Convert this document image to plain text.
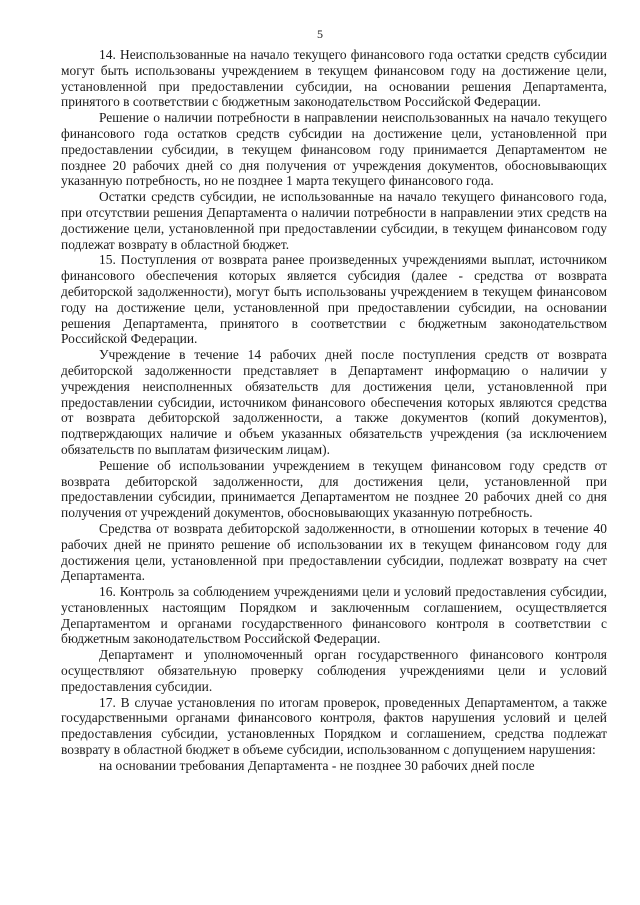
5

14. Неиспользованные на начало текущего финансового года остатки средств субсидии могут быть использованы учреждением в текущем финансовом году на достижение цели, установленной при предоставлении субсидии, на основании решения Департамента, принятого в соответствии с бюджетным законодательством Российской Федерации.

Решение о наличии потребности в направлении неиспользованных на начало текущего финансового года остатков средств субсидии на достижение цели, установленной при предоставлении субсидии, в текущем финансовом году принимается Департаментом не позднее 20 рабочих дней со дня получения от учреждения документов, обосновывающих указанную потребность, но не позднее 1 марта текущего финансового года.

Остатки средств субсидии, не использованные на начало текущего финансового года, при отсутствии решения Департамента о наличии потребности в направлении этих средств на достижение цели, установленной при предоставлении субсидии, в текущем финансовом году подлежат возврату в областной бюджет.

15. Поступления от возврата ранее произведенных учреждениями выплат, источником финансового обеспечения которых является субсидия (далее - средства от возврата дебиторской задолженности), могут быть использованы учреждением в текущем финансовом году на достижение цели, установленной при предоставлении субсидии, на основании решения Департамента, принятого в соответствии с бюджетным законодательством Российской Федерации.

Учреждение в течение 14 рабочих дней после поступления средств от возврата дебиторской задолженности представляет в Департамент информацию о наличии у учреждения неисполненных обязательств для достижения цели, установленной при предоставлении субсидии, источником финансового обеспечения которых являются средства от возврата дебиторской задолженности, а также документов (копий документов), подтверждающих наличие и объем указанных обязательств учреждения (за исключением обязательств по выплатам физическим лицам).

Решение об использовании учреждением в текущем финансовом году средств от возврата дебиторской задолженности, для достижения цели, установленной при предоставлении субсидии, принимается Департаментом не позднее 20 рабочих дней со дня получения от учреждений документов, обосновывающих указанную потребность.

Средства от возврата дебиторской задолженности, в отношении которых в течение 40 рабочих дней не принято решение об использовании их в текущем финансовом году для достижения цели, установленной при предоставлении субсидии, подлежат возврату на счет Департамента.

16. Контроль за соблюдением учреждениями цели и условий предоставления субсидии, установленных настоящим Порядком и заключенным соглашением, осуществляется Департаментом и органами государственного финансового контроля в соответствии с бюджетным законодательством Российской Федерации.

Департамент и уполномоченный орган государственного финансового контроля осуществляют обязательную проверку соблюдения учреждениями цели и условий предоставления субсидии.

17. В случае установления по итогам проверок, проведенных Департаментом, а также государственными органами финансового контроля, фактов нарушения условий и целей предоставления субсидии, установленных Порядком и соглашением, средства подлежат возврату в областной бюджет в объеме субсидии, использованном с допущением нарушения:

на основании требования Департамента - не позднее 30 рабочих дней после
